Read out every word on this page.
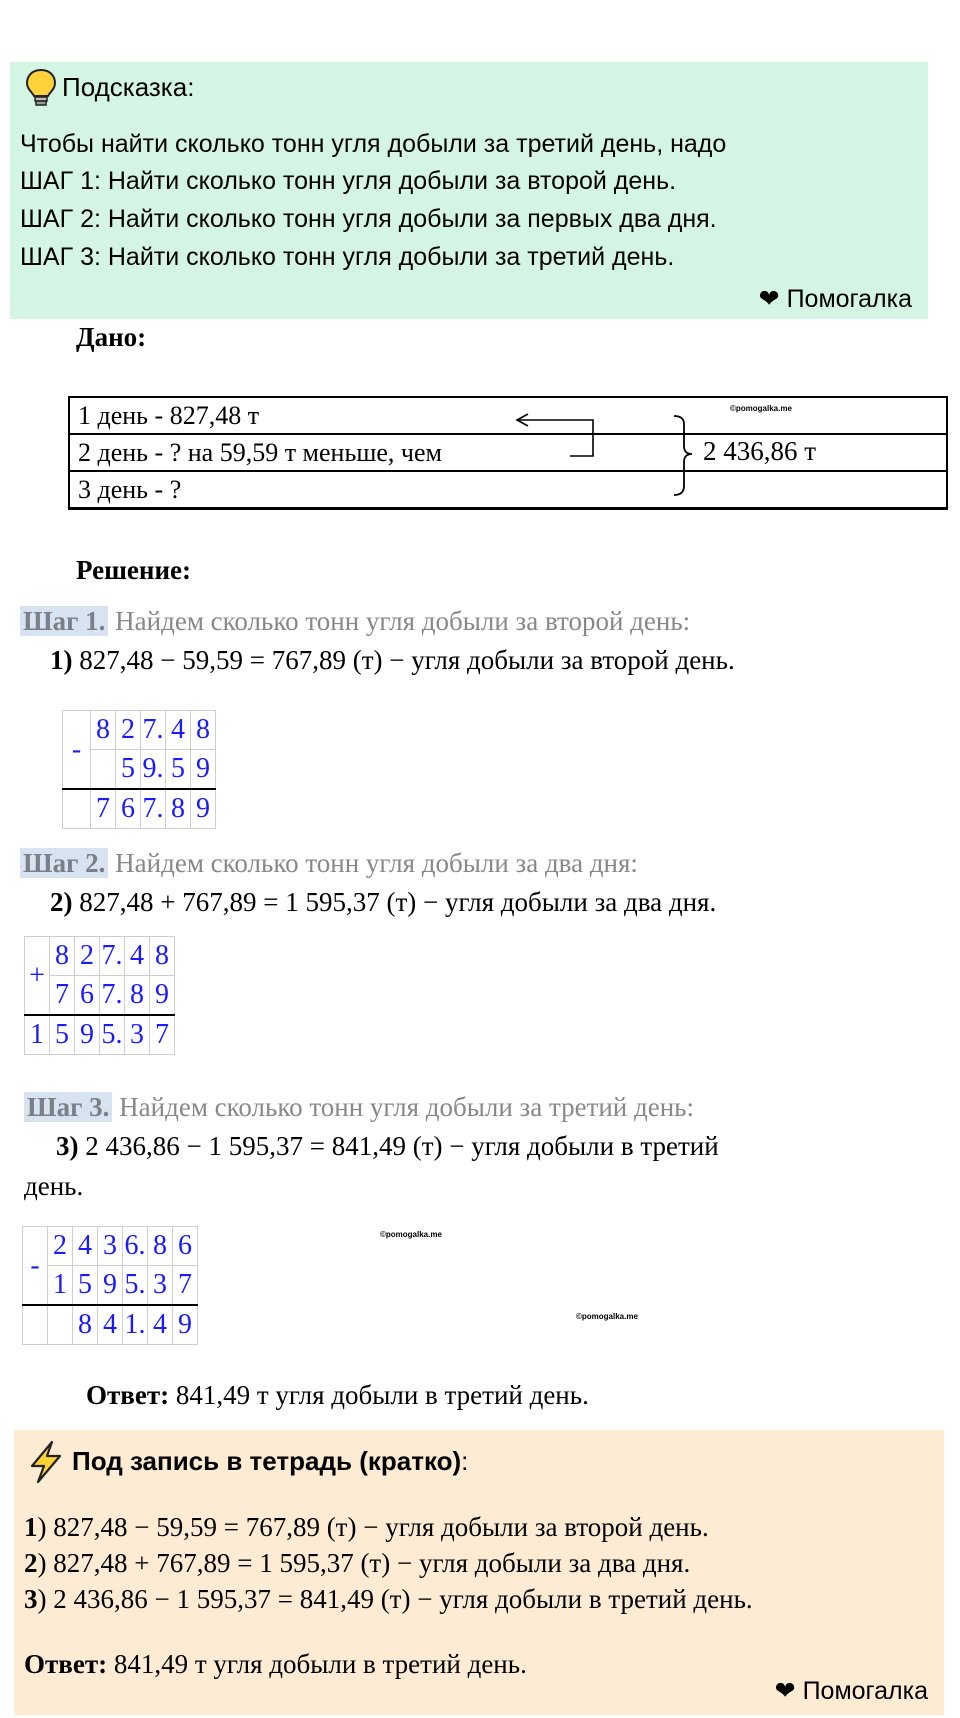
Подсказка:
Чтобы найти сколько тонн угля добыли за третий день, надо
ШАГ 1: Найти сколько тонн угля добыли за второй день.
ШАГ 2: Найти сколько тонн угля добыли за первых два дня.
ШАГ 3: Найти сколько тонн угля добыли за третий день.
❤ Помогалка
Дано:
1 день - 827,48 т
2 день - ? на 59,59 т меньше, чем
3 день - ?
2 436,86 т
©pomogalka.me
Решение:
Шаг 1. Найдем сколько тонн угля добыли за второй день:
1) 827,48 − 59,59 = 767,89 (т) − угля добыли за второй день.
-	8	2	7.	4	8
		5	9.	5	9
	7	6	7.	8	9
Шаг 2. Найдем сколько тонн угля добыли за два дня:
2) 827,48 + 767,89 = 1 595,37 (т) − угля добыли за два дня.
+	8	2	7.	4	8
	7	6	7.	8	9
1	5	9	5.	3	7
Шаг 3. Найдем сколько тонн угля добыли за третий день:
3) 2 436,86 − 1 595,37 = 841,49 (т) − угля добыли в третий
день.
-	2	4	3	6.	8	6
	1	5	9	5.	3	7
		8	4	1.	4	9
©pomogalka.me
©pomogalka.me
Ответ: 841,49 т угля добыли в третий день.
Под запись в тетрадь (кратко):
1) 827,48 − 59,59 = 767,89 (т) − угля добыли за второй день.
2) 827,48 + 767,89 = 1 595,37 (т) − угля добыли за два дня.
3) 2 436,86 − 1 595,37 = 841,49 (т) − угля добыли в третий день.
Ответ: 841,49 т угля добыли в третий день.
❤ Помогалка
